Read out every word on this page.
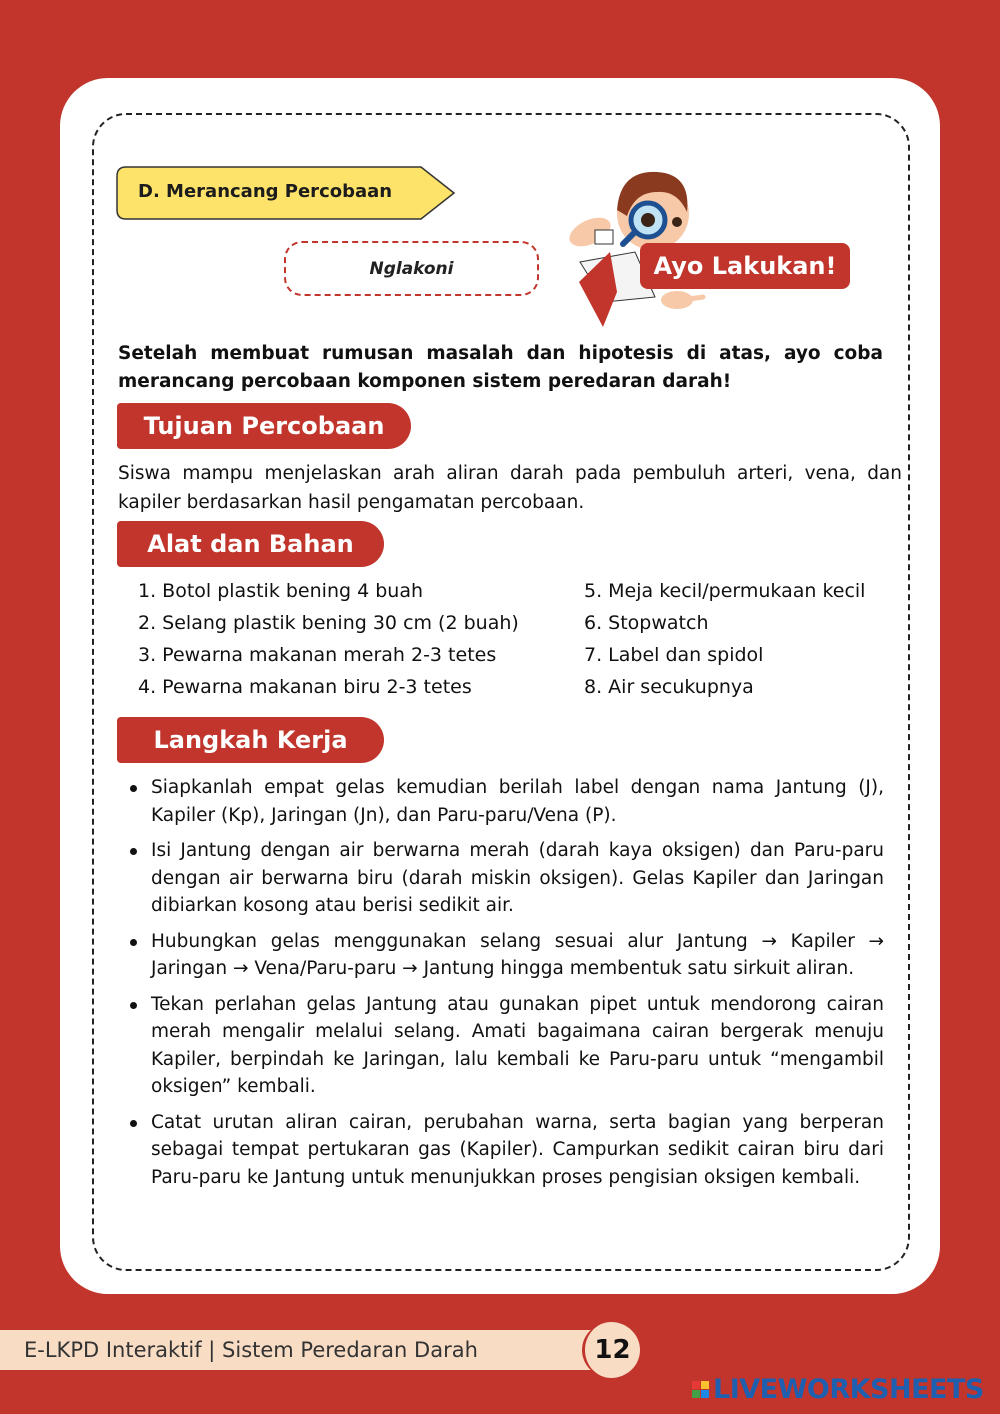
D. Merancang Percobaan
Nglakoni	Ayo Lakukan!

Setelah membuat rumusan masalah dan hipotesis di atas, ayo coba merancang percobaan komponen sistem peredaran darah!

Tujuan Percobaan

Siswa mampu menjelaskan arah aliran darah pada pembuluh arteri, vena, dan kapiler berdasarkan hasil pengamatan percobaan.

Alat dan Bahan
1. Botol plastik bening 4 buah
2. Selang plastik bening 30 cm (2 buah)
3. Pewarna makanan merah 2-3 tetes
4. Pewarna makanan biru 2-3 tetes
5. Meja kecil/permukaan kecil
6. Stopwatch
7. Label dan spidol
8. Air secukupnya
Langkah Kerja
Siapkanlah empat gelas kemudian berilah label dengan nama Jantung (J), Kapiler (Kp), Jaringan (Jn), dan Paru-paru/Vena (P).
Isi Jantung dengan air berwarna merah (darah kaya oksigen) dan Paru-paru dengan air berwarna biru (darah miskin oksigen). Gelas Kapiler dan Jaringan dibiarkan kosong atau berisi sedikit air.
Hubungkan gelas menggunakan selang sesuai alur Jantung → Kapiler → Jaringan → Vena/Paru-paru → Jantung hingga membentuk satu sirkuit aliran.
Tekan perlahan gelas Jantung atau gunakan pipet untuk mendorong cairan merah mengalir melalui selang. Amati bagaimana cairan bergerak menuju Kapiler, berpindah ke Jaringan, lalu kembali ke Paru-paru untuk “mengambil oksigen” kembali.
Catat urutan aliran cairan, perubahan warna, serta bagian yang berperan sebagai tempat pertukaran gas (Kapiler). Campurkan sedikit cairan biru dari Paru-paru ke Jantung untuk menunjukkan proses pengisian oksigen kembali.
E-LKPD Interaktif | Sistem Peredaran Darah	12
LIVEWORKSHEETS
